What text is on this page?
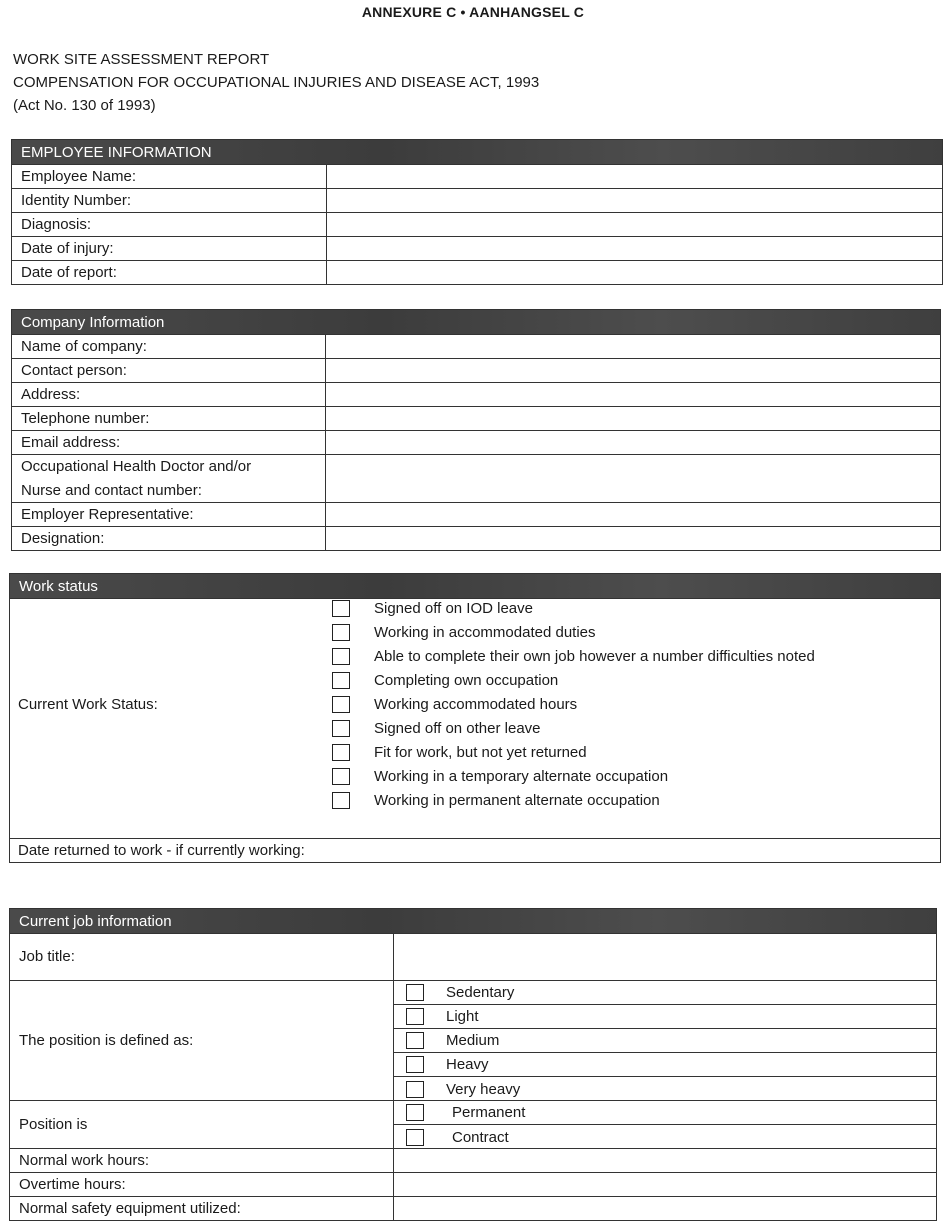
ANNEXURE C • AANHANGSEL C
WORK SITE ASSESSMENT REPORT
COMPENSATION FOR OCCUPATIONAL INJURIES AND DISEASE ACT, 1993
(Act No. 130 of 1993)
EMPLOYEE INFORMATION
Employee Name:
Identity Number:
Diagnosis:
Date of injury:
Date of report:
Company Information
Name of company:
Contact person:
Address:
Telephone number:
Email address:
Occupational Health Doctor and/or
Nurse and contact number:
Employer Representative:
Designation:
Work status
Current Work Status:
Signed off on IOD leave
Working in accommodated duties
Able to complete their own job however a number difficulties noted
Completing own occupation
Working accommodated hours
Signed off on other leave
Fit for work, but not yet returned
Working in a temporary alternate occupation
Working in permanent alternate occupation
Date returned to work - if currently working:
Current job information
Job title:
The position is defined as:
Sedentary
Light
Medium
Heavy
Very heavy
Position is
Permanent
Contract
Normal work hours:
Overtime hours:
Normal safety equipment utilized:
